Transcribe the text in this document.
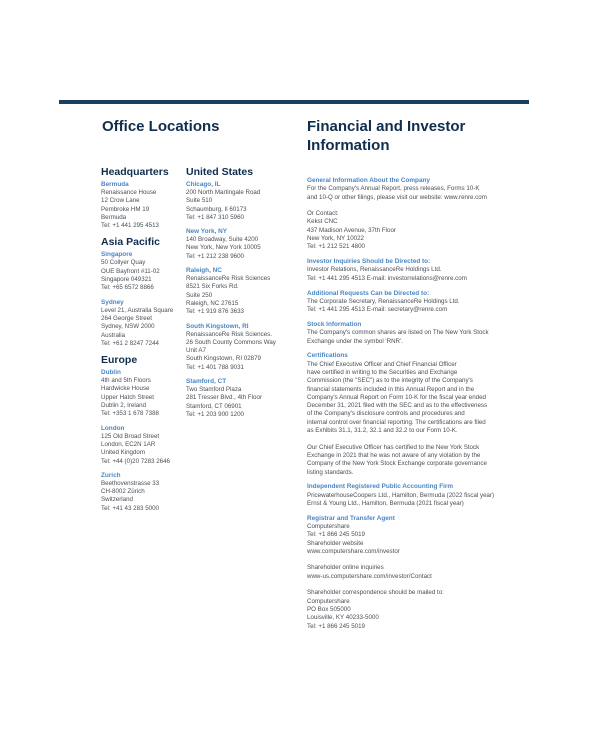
Office Locations	Financial and Investor Information
Headquarters
Bermuda
Renaissance House
12 Crow Lane
Pembroke HM 19
Bermuda
Tel: +1 441 295 4513
Asia Pacific
Singapore
50 Collyer Quay
OUE Bayfront #11-02
Singapore 049321
Tel: +65 6572 8866
Sydney
Level 21, Australia Square
264 George Street
Sydney, NSW 2000
Australia
Tel: +61 2 8247 7244
Europe
Dublin
4th and 5th Floors
Hardwicke House
Upper Hatch Street
Dublin 2, Ireland
Tel: +353 1 678 7388
London
125 Old Broad Street
London, EC2N 1AR
United Kingdom
Tel: +44 (0)20 7283 2646
Zurich
Beethovenstrasse 33
CH-8002 Zürich
Switzerland
Tel: +41 43 283 5000
United States
Chicago, IL
200 North Martingale Road
Suite 510
Schaumburg, Il 60173
Tel: +1 847 310 5960
New York, NY
140 Broadway, Suite 4200
New York, New York 10005
Tel: +1 212 238 9600
Raleigh, NC
RenaissanceRe Risk Sciences
8521 Six Forks Rd.
Suite 250
Raleigh, NC 27615
Tel: +1 919 876 3633
South Kingstown, RI
RenaissanceRe Risk Sciences.
26 South County Commons Way
Unit A7
South Kingstown, RI 02879
Tel: +1 401 788 9031
Stamford, CT
Two Stamford Plaza
281 Tresser Blvd., 4th Floor
Stamford, CT 06901
Tel: +1 203 900 1200
General Information About the Company
For the Company's Annual Report, press releases, Forms 10-K
and 10-Q or other filings, please visit our website: www.renre.com
Or Contact:
Kekst CNC
437 Madison Avenue, 37th Floor
New York, NY 10022
Tel: +1 212 521 4800
Investor Inquiries Should be Directed to:
Investor Relations, RenaissanceRe Holdings Ltd.
Tel: +1 441 295 4513 E-mail: investorrelations@renre.com
Additional Requests Can be Directed to:
The Corporate Secretary, RenaissanceRe Holdings Ltd.
Tel: +1 441 295 4513 E-mail: secretary@renre.com
Stock Information
The Company's common shares are listed on The New York Stock
Exchange under the symbol 'RNR'.
Certifications
The Chief Executive Officer and Chief Financial Officer
have certified in writing to the Securities and Exchange
Commission (the "SEC") as to the integrity of the Company's
financial statements included in this Annual Report and in the
Company's Annual Report on Form 10-K for the fiscal year ended
December 31, 2021 filed with the SEC and as to the effectiveness
of the Company's disclosure controls and procedures and
internal control over financial reporting. The certifications are filed
as Exhibits 31.1, 31.2, 32.1 and 32.2 to our Form 10-K.
Our Chief Executive Officer has certified to the New York Stock
Exchange in 2021 that he was not aware of any violation by the
Company of the New York Stock Exchange corporate governance
listing standards.
Independent Registered Public Accounting Firm
PricewaterhouseCoopers Ltd., Hamilton, Bermuda (2022 fiscal year)
Ernst & Young Ltd., Hamilton, Bermuda (2021 fiscal year)
Registrar and Transfer Agent
Computershare
Tel: +1 866 245 5019
Shareholder website
www.computershare.com/investor
Shareholder online inquiries
www-us.computershare.com/investor/Contact
Shareholder correspondence should be mailed to:
Computershare
PO Box 505000
Louisville, KY 40233-5000
Tel: +1 866 245 5019
